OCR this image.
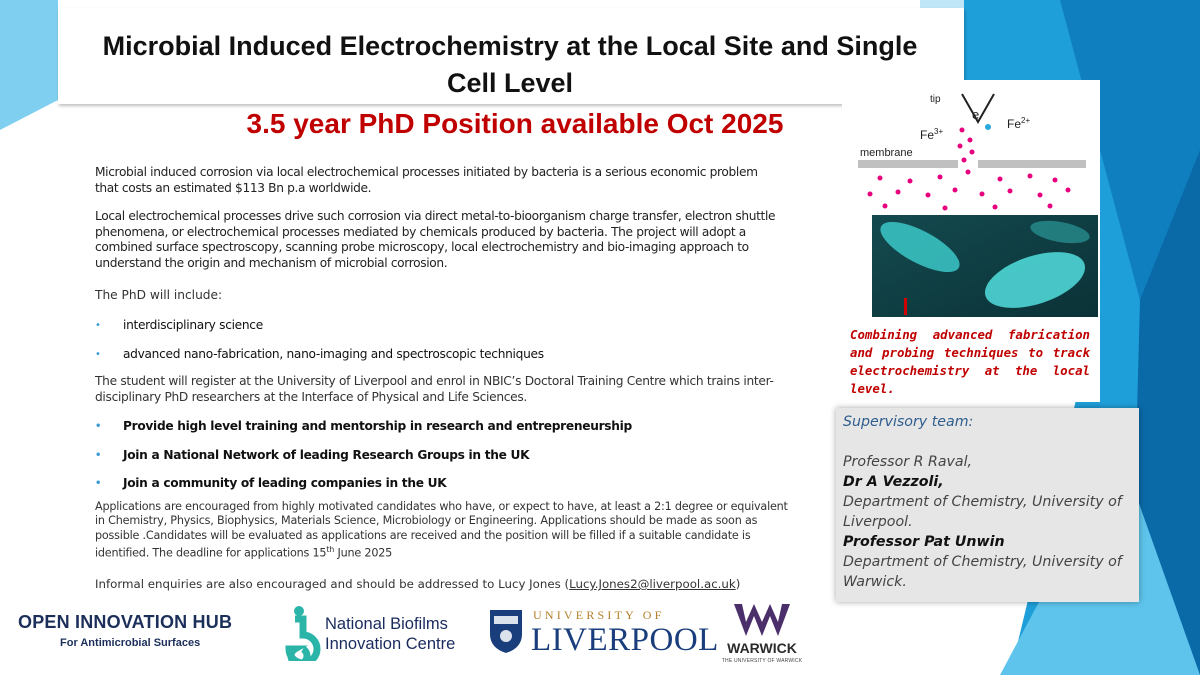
Microbial Induced Electrochemistry at the Local Site and Single Cell Level
3.5 year PhD Position available Oct 2025
Microbial induced corrosion via local electrochemical processes initiated by bacteria is a serious economic problem that costs an estimated $113 Bn p.a worldwide.
Local electrochemical processes drive such corrosion via direct metal-to-bioorganism charge transfer, electron shuttle phenomena, or electrochemical processes mediated by chemicals produced by bacteria. The project will adopt a combined surface spectroscopy, scanning probe microscopy, local electrochemistry and bio-imaging approach to understand the origin and mechanism of microbial corrosion.
The PhD will include:
• interdisciplinary science
• advanced nano-fabrication, nano-imaging and spectroscopic techniques
The student will register at the University of Liverpool and enrol in NBIC’s Doctoral Training Centre which trains inter-disciplinary PhD researchers at the Interface of Physical and Life Sciences.
• Provide high level training and mentorship in research and entrepreneurship
• Join a National Network of leading Research Groups in the UK
• Join a community of leading companies in the UK
Applications are encouraged from highly motivated candidates who have, or expect to have, at least a 2:1 degree or equivalent in Chemistry, Physics, Biophysics, Materials Science, Microbiology or Engineering. Applications should be made as soon as possible .Candidates will be evaluated as applications are received and the position will be filled if a suitable candidate is identified. The deadline for applications 15th June 2025
Informal enquiries are also encouraged and should be addressed to Lucy Jones (Lucy.Jones2@liverpool.ac.uk)
tip
e
$Fe^{3+}$
$Fe^{2+}$
membrane
Combining advanced fabrication and probing techniques to track electrochemistry at the local level.
Supervisory team:
Professor R Raval,
Dr A Vezzoli,
Department of Chemistry, University of Liverpool.
Professor Pat Unwin
Department of Chemistry, University of Warwick.
OPEN INNOVATION HUB
For Antimicrobial Surfaces
National Biofilms
Innovation Centre
UNIVERSITY OF
LIVERPOOL WARWICK
THE UNIVERSITY OF WARWICK
